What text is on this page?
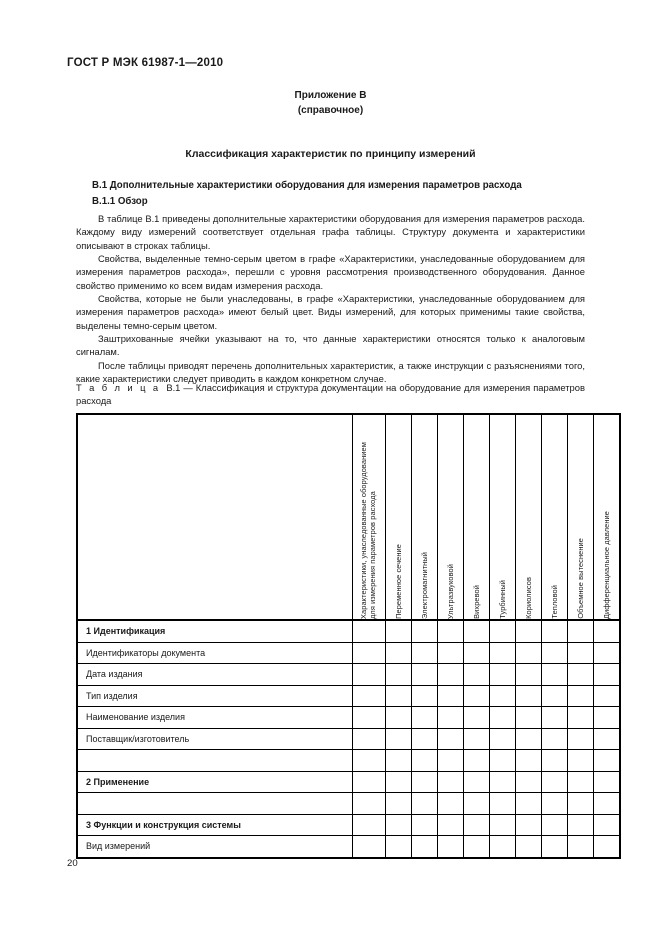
ГОСТ Р МЭК 61987-1—2010
Приложение В
(справочное)
Классификация характеристик по принципу измерений
В.1 Дополнительные характеристики оборудования для измерения параметров расхода
В.1.1 Обзор
В таблице В.1 приведены дополнительные характеристики оборудования для измерения параметров расхода. Каждому виду измерений соответствует отдельная графа таблицы. Структуру документа и характеристики описывают в строках таблицы.
Свойства, выделенные темно-серым цветом в графе «Характеристики, унаследованные оборудованием для измерения параметров расхода», перешли с уровня рассмотрения производственного оборудования. Данное свойство применимо ко всем видам измерения расхода.
Свойства, которые не были унаследованы, в графе «Характеристики, унаследованные оборудованием для измерения параметров расхода» имеют белый цвет. Виды измерений, для которых применимы такие свойства, выделены темно-серым цветом.
Заштрихованные ячейки указывают на то, что данные характеристики относятся только к аналоговым сигналам.
После таблицы приводят перечень дополнительных характеристик, а также инструкции с разъяснениями того, какие характеристики следует приводить в каждом конкретном случае.
Т а б л и ц а В.1 — Классификация и структура документации на оборудование для измерения параметров расхода

	Характеристики, унаследованные оборудованием для измерения параметров расхода	Переменное сечение	Электромагнитный	Ультразвуковой	Вихревой	Турбинный	Кориолисов	Тепловой	Объемное вытеснение	Дифференциальное давление

1 Идентификация										
Идентификаторы документа										
Дата издания										
Тип изделия										
Наименование изделия										
Поставщик/изготовитель										

2 Применение										

3 Функции и конструкция системы										
Вид измерений										
20
